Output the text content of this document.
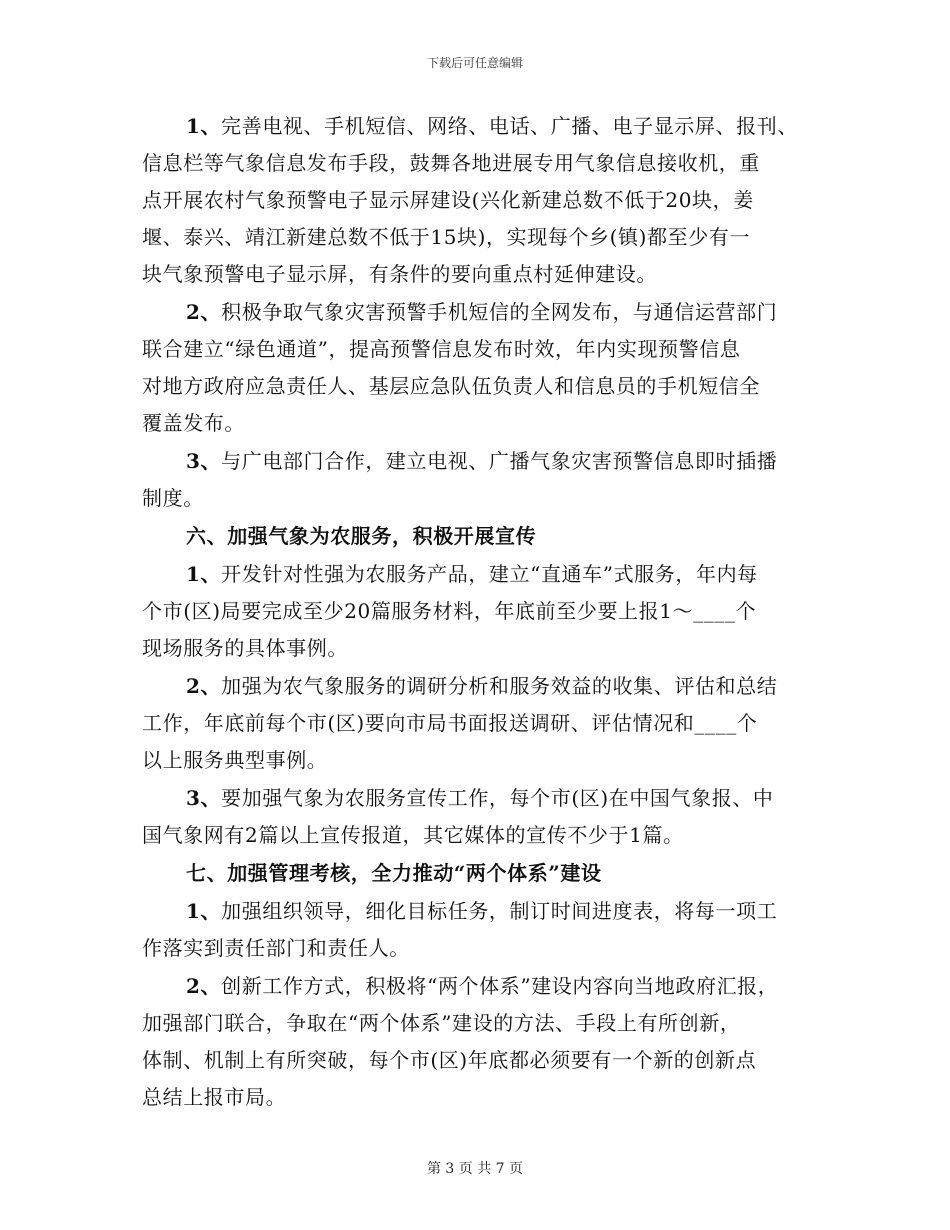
下载后可任意编辑
1、完善电视、手机短信、网络、电话、广播、电子显示屏、报刊、
信息栏等气象信息发布手段，鼓舞各地进展专用气象信息接收机，重
点开展农村气象预警电子显示屏建设(兴化新建总数不低于20块，姜
堰、泰兴、靖江新建总数不低于15块)，实现每个乡(镇)都至少有一
块气象预警电子显示屏，有条件的要向重点村延伸建设。
2、积极争取气象灾害预警手机短信的全网发布，与通信运营部门
联合建立“绿色通道”，提高预警信息发布时效，年内实现预警信息
对地方政府应急责任人、基层应急队伍负责人和信息员的手机短信全
覆盖发布。
3、与广电部门合作，建立电视、广播气象灾害预警信息即时插播
制度。
六、加强气象为农服务，积极开展宣传
1、开发针对性强为农服务产品，建立“直通车”式服务，年内每
个市(区)局要完成至少20篇服务材料，年底前至少要上报1～____个
现场服务的具体事例。
2、加强为农气象服务的调研分析和服务效益的收集、评估和总结
工作，年底前每个市(区)要向市局书面报送调研、评估情况和____个
以上服务典型事例。
3、要加强气象为农服务宣传工作，每个市(区)在中国气象报、中
国气象网有2篇以上宣传报道，其它媒体的宣传不少于1篇。
七、加强管理考核，全力推动“两个体系”建设
1、加强组织领导，细化目标任务，制订时间进度表，将每一项工
作落实到责任部门和责任人。
2、创新工作方式，积极将“两个体系”建设内容向当地政府汇报，
加强部门联合，争取在“两个体系”建设的方法、手段上有所创新，
体制、机制上有所突破，每个市(区)年底都必须要有一个新的创新点
总结上报市局。
第 3 页 共 7 页
